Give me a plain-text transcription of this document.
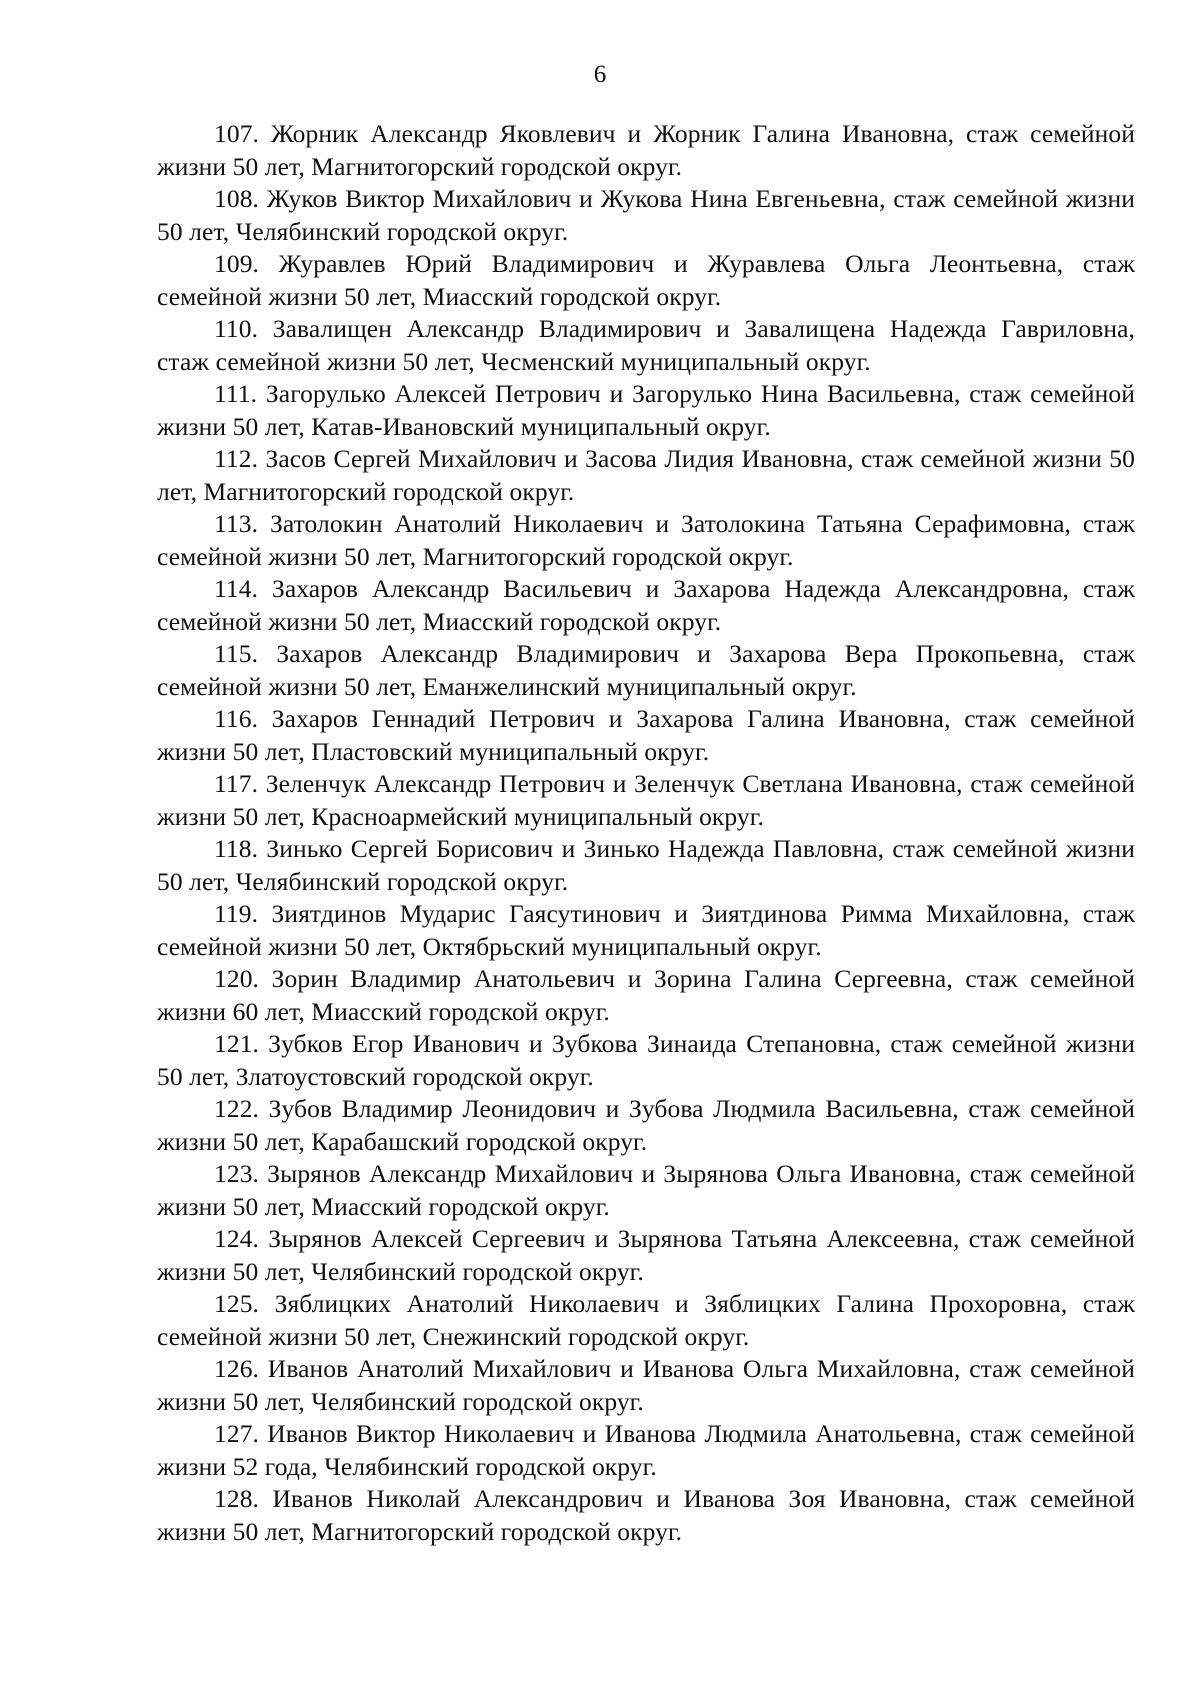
6

107. Жорник Александр Яковлевич и Жорник Галина Ивановна, стаж семейной жизни 50 лет, Магнитогорский городской округ.

108. Жуков Виктор Михайлович и Жукова Нина Евгеньевна, стаж семейной жизни 50 лет, Челябинский городской округ.

109. Журавлев Юрий Владимирович и Журавлева Ольга Леонтьевна, стаж семейной жизни 50 лет, Миасский городской округ.

110. Завалищен Александр Владимирович и Завалищена Надежда Гавриловна, стаж семейной жизни 50 лет, Чесменский муниципальный округ.

111. Загорулько Алексей Петрович и Загорулько Нина Васильевна, стаж семейной жизни 50 лет, Катав-Ивановский муниципальный округ.

112. Засов Сергей Михайлович и Засова Лидия Ивановна, стаж семейной жизни 50 лет, Магнитогорский городской округ.

113. Затолокин Анатолий Николаевич и Затолокина Татьяна Серафимовна, стаж семейной жизни 50 лет, Магнитогорский городской округ.

114. Захаров Александр Васильевич и Захарова Надежда Александровна, стаж семейной жизни 50 лет, Миасский городской округ.

115. Захаров Александр Владимирович и Захарова Вера Прокопьевна, стаж семейной жизни 50 лет, Еманжелинский муниципальный округ.

116. Захаров Геннадий Петрович и Захарова Галина Ивановна, стаж семейной жизни 50 лет, Пластовский муниципальный округ.

117. Зеленчук Александр Петрович и Зеленчук Светлана Ивановна, стаж семейной жизни 50 лет, Красноармейский муниципальный округ.

118. Зинько Сергей Борисович и Зинько Надежда Павловна, стаж семейной жизни 50 лет, Челябинский городской округ.

119. Зиятдинов Мударис Гаясутинович и Зиятдинова Римма Михайловна, стаж семейной жизни 50 лет, Октябрьский муниципальный округ.

120. Зорин Владимир Анатольевич и Зорина Галина Сергеевна, стаж семейной жизни 60 лет, Миасский городской округ.

121. Зубков Егор Иванович и Зубкова Зинаида Степановна, стаж семейной жизни 50 лет, Златоустовский городской округ.

122. Зубов Владимир Леонидович и Зубова Людмила Васильевна, стаж семейной жизни 50 лет, Карабашский городской округ.

123. Зырянов Александр Михайлович и Зырянова Ольга Ивановна, стаж семейной жизни 50 лет, Миасский городской округ.

124. Зырянов Алексей Сергеевич и Зырянова Татьяна Алексеевна, стаж семейной жизни 50 лет, Челябинский городской округ.

125. Зяблицких Анатолий Николаевич и Зяблицких Галина Прохоровна, стаж семейной жизни 50 лет, Снежинский городской округ.

126. Иванов Анатолий Михайлович и Иванова Ольга Михайловна, стаж семейной жизни 50 лет, Челябинский городской округ.

127. Иванов Виктор Николаевич и Иванова Людмила Анатольевна, стаж семейной жизни 52 года, Челябинский городской округ.

128. Иванов Николай Александрович и Иванова Зоя Ивановна, стаж семейной жизни 50 лет, Магнитогорский городской округ.
